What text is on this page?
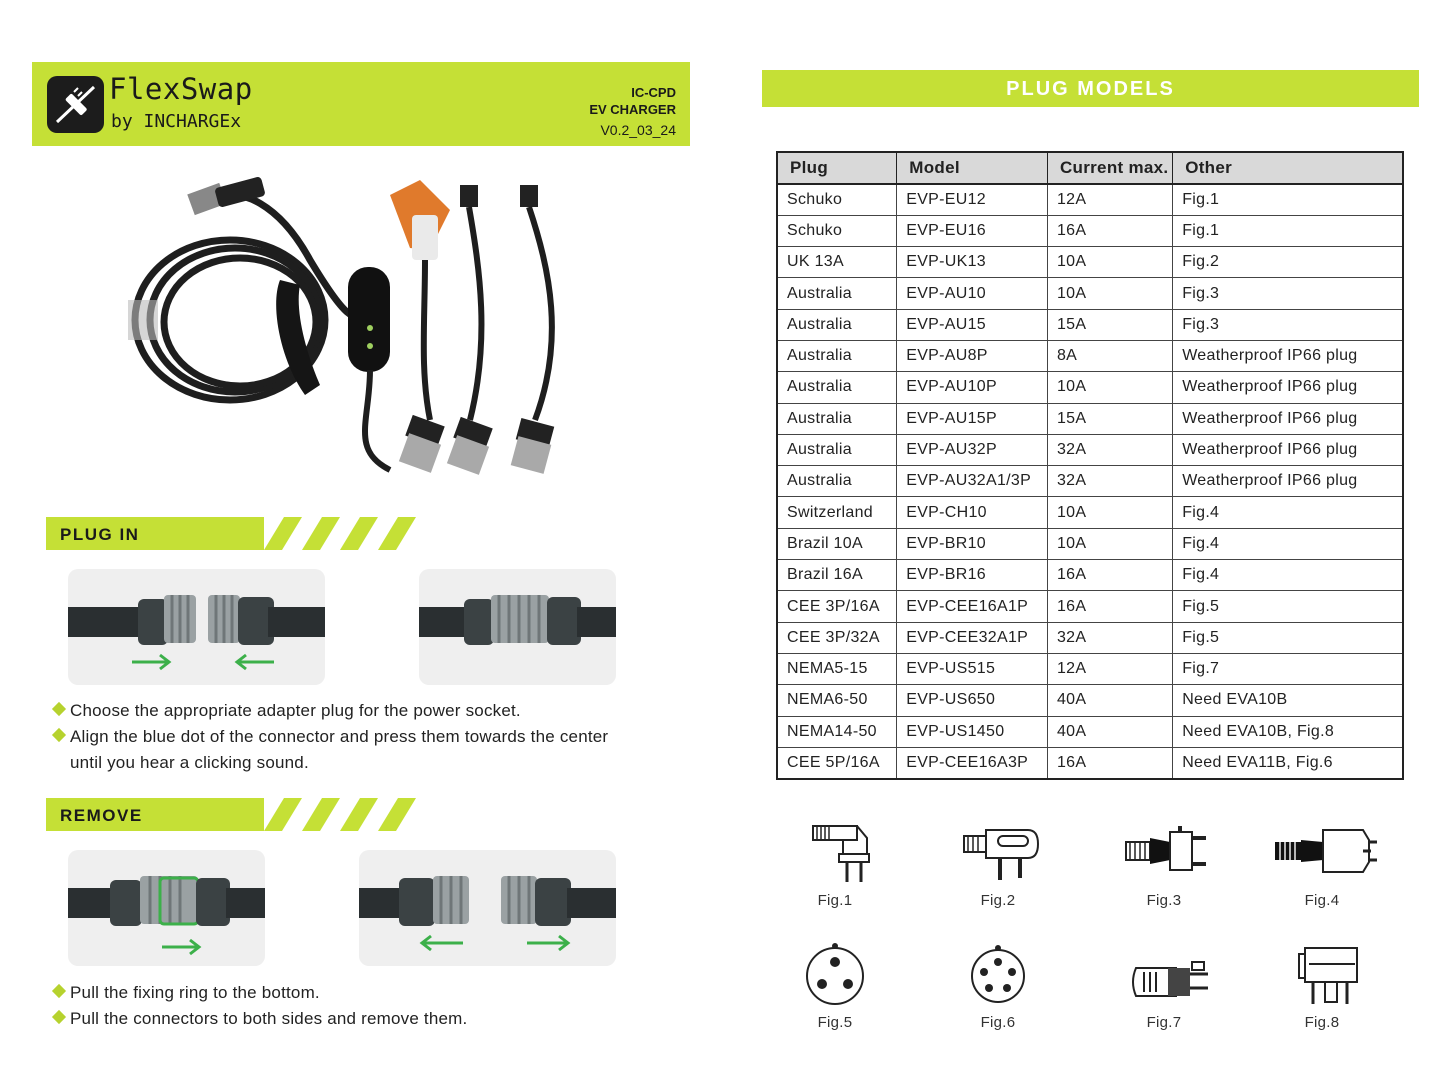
FlexSwap
by INCHARGEx
IC-CPD
EV CHARGER
V0.2_03_24
PLUG IN
Choose the appropriate adapter plug for the power socket.
Align the blue dot of the connector and press them towards the center
until you hear a clicking sound.
REMOVE
Pull the fixing ring to the bottom.
Pull the connectors to both sides and remove them.
PLUG MODELS
Plug	Model	Current max.	Other
Schuko	EVP-EU12	12A	Fig.1
Schuko	EVP-EU16	16A	Fig.1
UK 13A	EVP-UK13	10A	Fig.2
Australia	EVP-AU10	10A	Fig.3
Australia	EVP-AU15	15A	Fig.3
Australia	EVP-AU8P	8A	Weatherproof IP66 plug
Australia	EVP-AU10P	10A	Weatherproof IP66 plug
Australia	EVP-AU15P	15A	Weatherproof IP66 plug
Australia	EVP-AU32P	32A	Weatherproof IP66 plug
Australia	EVP-AU32A1/3P	32A	Weatherproof IP66 plug
Switzerland	EVP-CH10	10A	Fig.4
Brazil 10A	EVP-BR10	10A	Fig.4
Brazil 16A	EVP-BR16	16A	Fig.4
CEE 3P/16A	EVP-CEE16A1P	16A	Fig.5
CEE 3P/32A	EVP-CEE32A1P	32A	Fig.5
NEMA5-15	EVP-US515	12A	Fig.7
NEMA6-50	EVP-US650	40A	Need EVA10B
NEMA14-50	EVP-US1450	40A	Need EVA10B, Fig.8
CEE 5P/16A	EVP-CEE16A3P	16A	Need EVA11B, Fig.6
Fig.1	Fig.2	Fig.3	Fig.4
Fig.5	Fig.6	Fig.7	Fig.8
